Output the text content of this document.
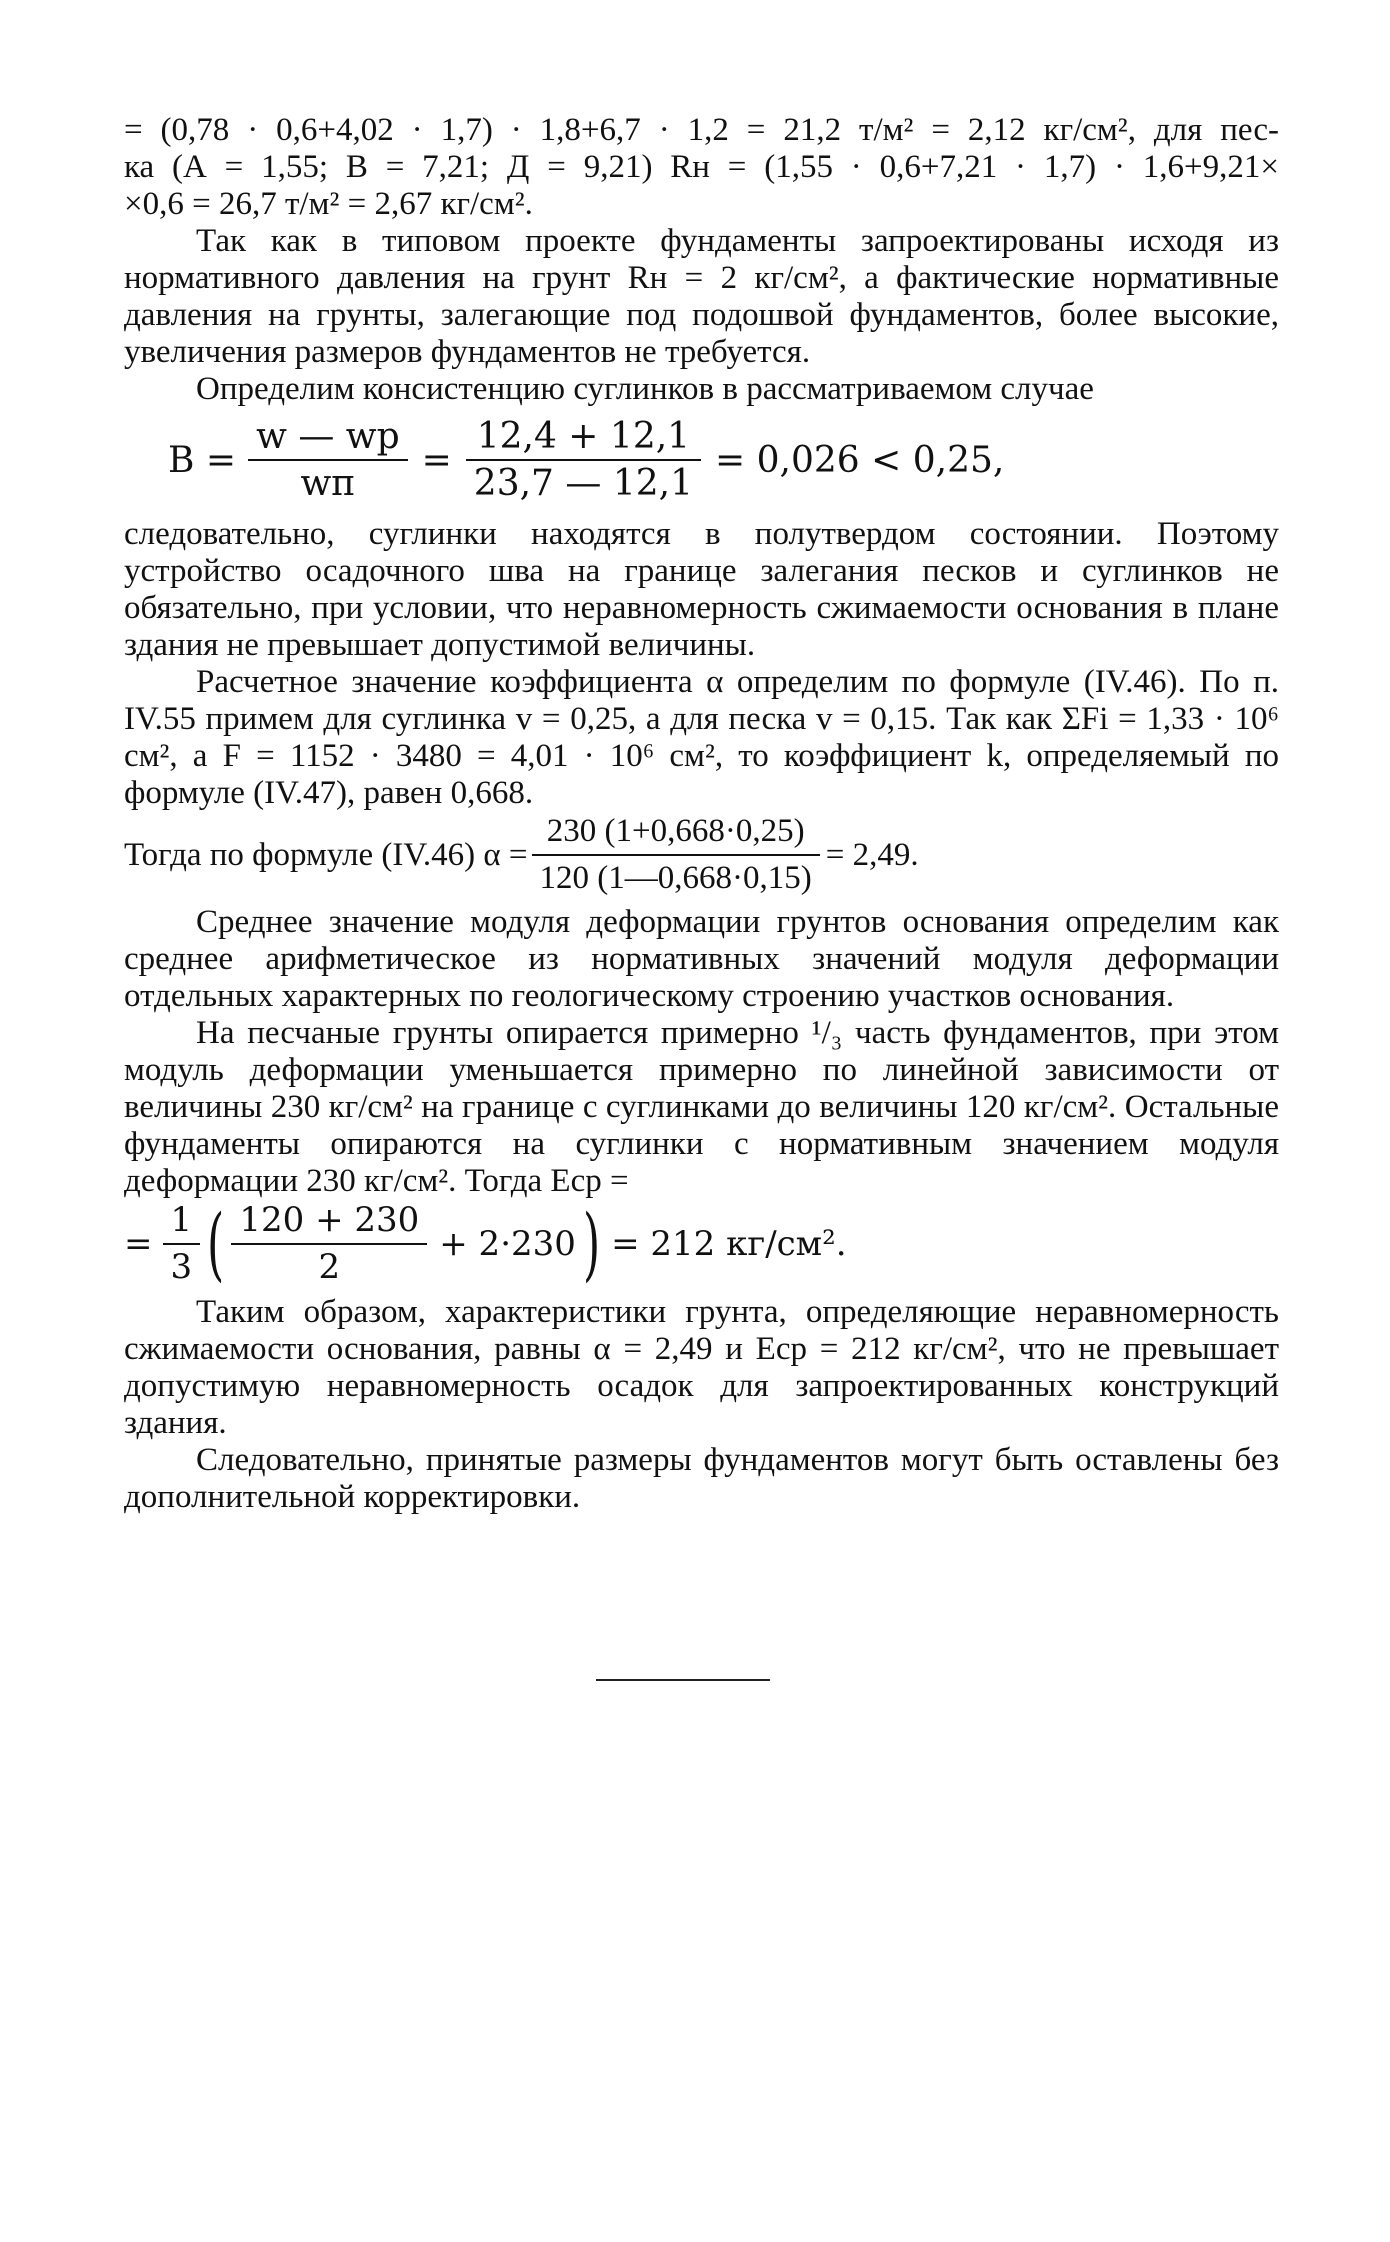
= (0,78 · 0,6+4,02 · 1,7) · 1,8+6,7 · 1,2 = 21,2 т/м² = 2,12 кг/см², для пес-
ка (А = 1,55; В = 7,21; Д = 9,21) Rн = (1,55 · 0,6+7,21 · 1,7) · 1,6+9,21×
×0,6 = 26,7 т/м² = 2,67 кг/см².

Так как в типовом проекте фундаменты запроектированы исходя из нормативного давления на грунт Rн = 2 кг/см², а фактические нормативные давления на грунты, залегающие под подошвой фундаментов, более высокие, увеличения размеров фундаментов не требуется.

Определим консистенцию суглинков в рассматриваемом случае

$B = \frac{w — wр}{wп} = \frac{12,4 + 12,1}{23,7 — 12,1} = 0,026 < 0,25$,

следовательно, суглинки находятся в полутвердом состоянии. Поэтому устройство осадочного шва на границе залегания песков и суглинков не обязательно, при условии, что неравномерность сжимаемости основания в плане здания не превышает допустимой величины.

Расчетное значение коэффициента α определим по формуле (IV.46). По п. IV.55 примем для суглинка v = 0,25, а для песка v = 0,15. Так как ΣFi = 1,33 · 10⁶ см², а F = 1152 · 3480 = 4,01 · 10⁶ см², то коэффициент k, определяемый по формуле (IV.47), равен 0,668.

Тогда по формуле (IV.46) $\alpha = \frac{230 (1+0,668\cdot 0,25)}{120 (1—0,668\cdot 0,15)} = 2,49$.

Среднее значение модуля деформации грунтов основания определим как среднее арифметическое из нормативных значений модуля деформации отдельных характерных по геологическому строению участков основания.

На песчаные грунты опирается примерно ¹/₃ часть фундаментов, при этом модуль деформации уменьшается примерно по линейной зависимости от величины 230 кг/см² на границе с суглинками до величины 120 кг/см². Остальные фундаменты опираются на суглинки с нормативным значением модуля деформации 230 кг/см². Тогда Eср =

= $\frac{1}{3}$ ( $\frac{120 + 230}{2} + 2\cdot 230$ ) = 212 кг/см².

Таким образом, характеристики грунта, определяющие неравномерность сжимаемости основания, равны α = 2,49 и Eср = 212 кг/см², что не превышает допустимую неравномерность осадок для запроектированных конструкций здания.

Следовательно, принятые размеры фундаментов могут быть оставлены без дополнительной корректировки.
